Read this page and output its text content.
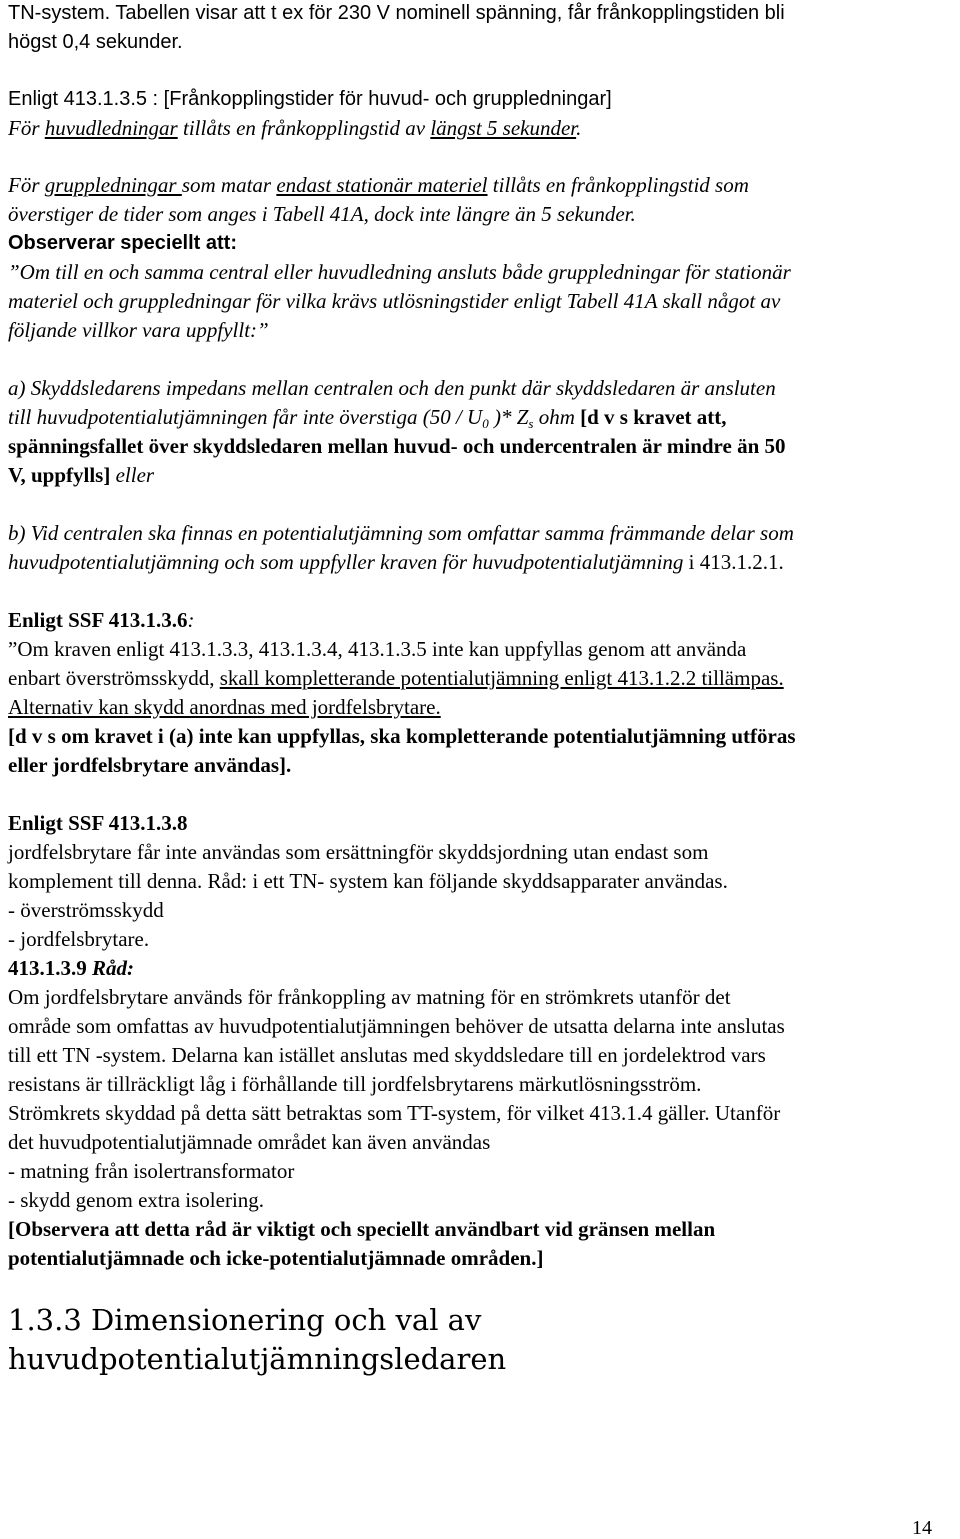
TN-system. Tabellen visar att t ex för 230 V nominell spänning, får frånkopplingstiden bli
högst 0,4 sekunder.
Enligt 413.1.3.5 : [Frånkopplingstider för huvud- och gruppledningar]
För huvudledningar tillåts en frånkopplingstid av längst 5 sekunder.
För gruppledningar som matar endast stationär materiel tillåts en frånkopplingstid som
överstiger de tider som anges i Tabell 41A, dock inte längre än 5 sekunder.
Observerar speciellt att:
”Om till en och samma central eller huvudledning ansluts både gruppledningar för stationär
materiel och gruppledningar för vilka krävs utlösningstider enligt Tabell 41A skall något av
följande villkor vara uppfyllt:”
a) Skyddsledarens impedans mellan centralen och den punkt där skyddsledaren är ansluten
till huvudpotentialutjämningen får inte överstiga ($50 / U_0$ )* $Z_s$ ohm [d v s kravet att,
spänningsfallet över skyddsledaren mellan huvud- och undercentralen är mindre än 50
V, uppfylls] eller
b) Vid centralen ska finnas en potentialutjämning som omfattar samma främmande delar som
huvudpotentialutjämning och som uppfyller kraven för huvudpotentialutjämning i 413.1.2.1.
Enligt SSF 413.1.3.6:
”Om kraven enligt 413.1.3.3, 413.1.3.4, 413.1.3.5 inte kan uppfyllas genom att använda
enbart överströmsskydd, skall kompletterande potentialutjämning enligt 413.1.2.2 tillämpas.
Alternativ kan skydd anordnas med jordfelsbrytare.
[d v s om kravet i (a) inte kan uppfyllas, ska kompletterande potentialutjämning utföras
eller jordfelsbrytare användas].
Enligt SSF 413.1.3.8
jordfelsbrytare får inte användas som ersättningför skyddsjordning utan endast som
komplement till denna. Råd: i ett TN- system kan följande skyddsapparater användas.
- överströmsskydd
- jordfelsbrytare.
413.1.3.9 Råd:
Om jordfelsbrytare används för frånkoppling av matning för en strömkrets utanför det
område som omfattas av huvudpotentialutjämningen behöver de utsatta delarna inte anslutas
till ett TN -system. Delarna kan istället anslutas med skyddsledare till en jordelektrod vars
resistans är tillräckligt låg i förhållande till jordfelsbrytarens märkutlösningsström.
Strömkrets skyddad på detta sätt betraktas som TT-system, för vilket 413.1.4 gäller. Utanför
det huvudpotentialutjämnade området kan även användas
- matning från isolertransformator
- skydd genom extra isolering.
[Observera att detta råd är viktigt och speciellt användbart vid gränsen mellan
potentialutjämnade och icke-potentialutjämnade områden.]
1.3.3 Dimensionering och val av
huvudpotentialutjämningsledaren
14
